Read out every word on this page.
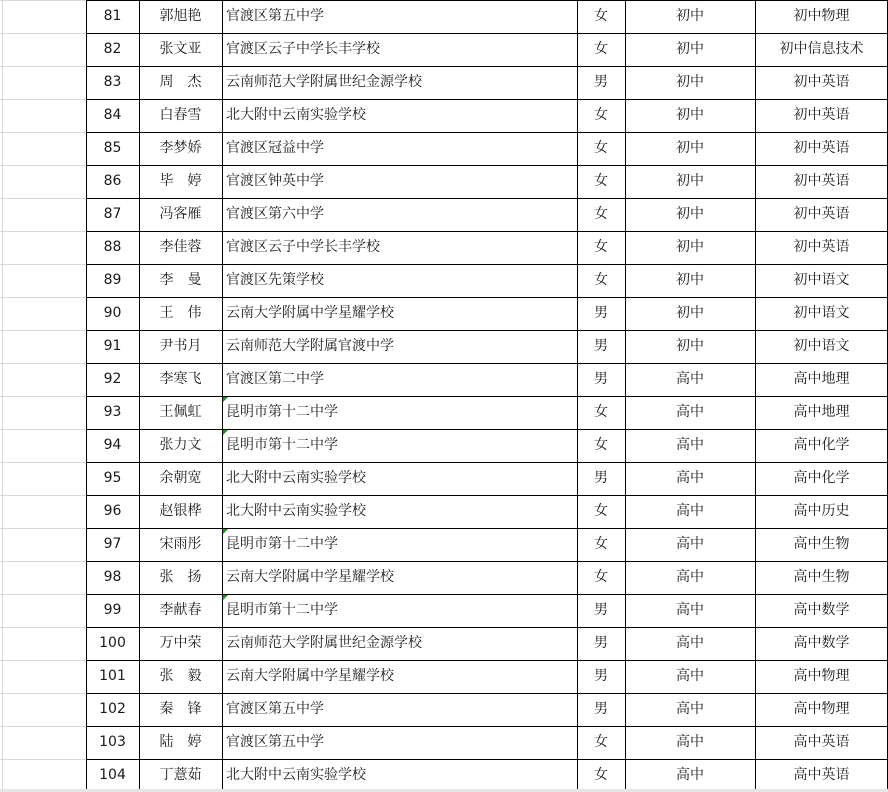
81	郭旭艳	官渡区第五中学	女	初中	初中物理
82	张文亚	官渡区云子中学长丰学校	女	初中	初中信息技术
83	周　杰	云南师范大学附属世纪金源学校	男	初中	初中英语
84	白春雪	北大附中云南实验学校	女	初中	初中英语
85	李梦娇	官渡区冠益中学	女	初中	初中英语
86	毕　婷	官渡区钟英中学	女	初中	初中英语
87	冯客雁	官渡区第六中学	女	初中	初中英语
88	李佳蓉	官渡区云子中学长丰学校	女	初中	初中英语
89	李　曼	官渡区先策学校	女	初中	初中语文
90	王　伟	云南大学附属中学星耀学校	男	初中	初中语文
91	尹书月	云南师范大学附属官渡中学	男	初中	初中语文
92	李寒飞	官渡区第二中学	男	高中	高中地理
93	王佩虹	昆明市第十二中学	女	高中	高中地理
94	张力文	昆明市第十二中学	女	高中	高中化学
95	余朝宽	北大附中云南实验学校	男	高中	高中化学
96	赵银桦	北大附中云南实验学校	女	高中	高中历史
97	宋雨彤	昆明市第十二中学	女	高中	高中生物
98	张　扬	云南大学附属中学星耀学校	女	高中	高中生物
99	李献春	昆明市第十二中学	男	高中	高中数学
100	万中荣	云南师范大学附属世纪金源学校	男	高中	高中数学
101	张　毅	云南大学附属中学星耀学校	男	高中	高中物理
102	秦　锋	官渡区第五中学	男	高中	高中物理
103	陆　婷	官渡区第五中学	女	高中	高中英语
104	丁薏茹	北大附中云南实验学校	女	高中	高中英语
